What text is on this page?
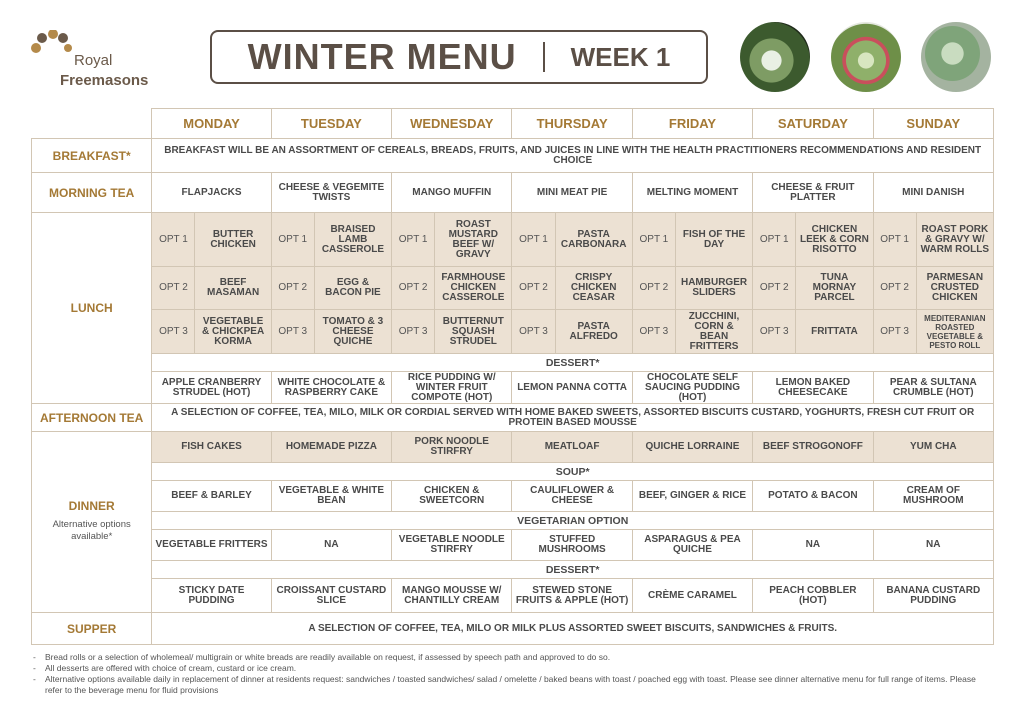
Royal
Freemasons
WINTER MENU WEEK 1
	MONDAY		TUESDAY		WEDNESDAY		THURSDAY		FRIDAY		SATURDAY		SUNDAY	
BREAKFAST*	BREAKFAST WILL BE AN ASSORTMENT OF CEREALS, BREADS, FRUITS, AND JUICES IN LINE WITH THE HEALTH PRACTITIONERS RECOMMENDATIONS AND RESIDENT CHOICE													
MORNING TEA	FLAPJACKS		CHEESE & VEGEMITE TWISTS		MANGO MUFFIN		MINI MEAT PIE		MELTING MOMENT		CHEESE & FRUIT PLATTER		MINI DANISH	
LUNCH	OPT 1	BUTTER CHICKEN	OPT 1	BRAISED LAMB CASSEROLE	OPT 1	ROAST MUSTARD BEEF W/ GRAVY	OPT 1	PASTA CARBONARA	OPT 1	FISH OF THE DAY	OPT 1	CHICKEN LEEK & CORN RISOTTO	OPT 1	ROAST PORK & GRAVY W/ WARM ROLLS
	OPT 2	BEEF MASAMAN	OPT 2	EGG & BACON PIE	OPT 2	FARMHOUSE CHICKEN CASSEROLE	OPT 2	CRISPY CHICKEN CEASAR	OPT 2	HAMBURGER SLIDERS	OPT 2	TUNA MORNAY PARCEL	OPT 2	PARMESAN CRUSTED CHICKEN
	OPT 3	VEGETABLE & CHICKPEA KORMA	OPT 3	TOMATO & 3 CHEESE QUICHE	OPT 3	BUTTERNUT SQUASH STRUDEL	OPT 3	PASTA ALFREDO	OPT 3	ZUCCHINI, CORN & BEAN FRITTERS	OPT 3	FRITTATA	OPT 3	MEDITERANIAN ROASTED VEGETABLE & PESTO ROLL
	DESSERT*													
	APPLE CRANBERRY STRUDEL (HOT)		WHITE CHOCOLATE & RASPBERRY CAKE		RICE PUDDING W/ WINTER FRUIT COMPOTE (HOT)		LEMON PANNA COTTA		CHOCOLATE SELF SAUCING PUDDING (HOT)		LEMON BAKED CHEESECAKE		PEAR & SULTANA CRUMBLE (HOT)	
AFTERNOON TEA	A SELECTION OF COFFEE, TEA, MILO, MILK OR CORDIAL SERVED WITH HOME BAKED SWEETS, ASSORTED BISCUITS CUSTARD, YOGHURTS, FRESH CUT FRUIT OR PROTEIN BASED MOUSSE													
DINNER
Alternative options available*	FISH CAKES		HOMEMADE PIZZA		PORK NOODLE STIRFRY		MEATLOAF		QUICHE LORRAINE		BEEF STROGONOFF		YUM CHA	
	SOUP*													
	BEEF & BARLEY		VEGETABLE & WHITE BEAN		CHICKEN & SWEETCORN		CAULIFLOWER & CHEESE		BEEF, GINGER & RICE		POTATO & BACON		CREAM OF MUSHROOM	
	VEGETARIAN OPTION													
	VEGETABLE FRITTERS		NA		VEGETABLE NOODLE STIRFRY		STUFFED MUSHROOMS		ASPARAGUS & PEA QUICHE		NA		NA	
	DESSERT*													
	STICKY DATE PUDDING		CROISSANT CUSTARD SLICE		MANGO MOUSSE W/ CHANTILLY CREAM		STEWED STONE FRUITS & APPLE (HOT)		CRÈME CARAMEL		PEACH COBBLER (HOT)		BANANA CUSTARD PUDDING	
SUPPER	A SELECTION OF COFFEE, TEA, MILO OR MILK PLUS ASSORTED SWEET BISCUITS, SANDWICHES & FRUITS.													
- Bread rolls or a selection of wholemeal/ multigrain or white breads are readily available on request, if assessed by speech path and approved to do so.
- All desserts are offered with choice of cream, custard or ice cream.
- Alternative options available daily in replacement of dinner at residents request: sandwiches / toasted sandwiches/ salad / omelette / baked beans with toast / poached egg with toast. Please see dinner alternative menu for full range of items. Please refer to the beverage menu for fluid provisions
